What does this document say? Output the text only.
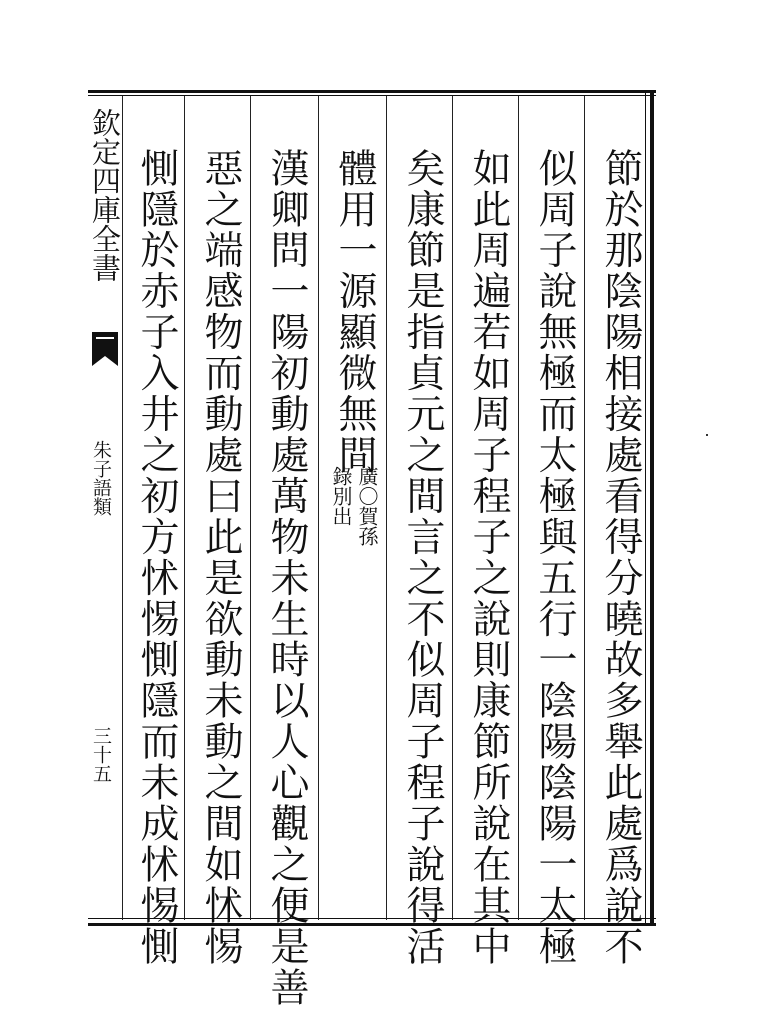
欽定四庫全書
朱子語類
三十五	節於那陰陽相接處看得分曉故多舉此處爲說不
似周子說無極而太極與五行一陰陽陰陽一太極
如此周遍若如周子程子之說則康節所說在其中
矣康節是指貞元之間言之不似周子程子說得活
體用一源顯微無間
漢卿問一陽初動處萬物未生時以人心觀之便是善
惡之端感物而動處曰此是欲動未動之間如怵惕
惻隱於赤子入井之初方怵惕惻隱而未成怵惕惻	廣〇賀孫
錄別出
